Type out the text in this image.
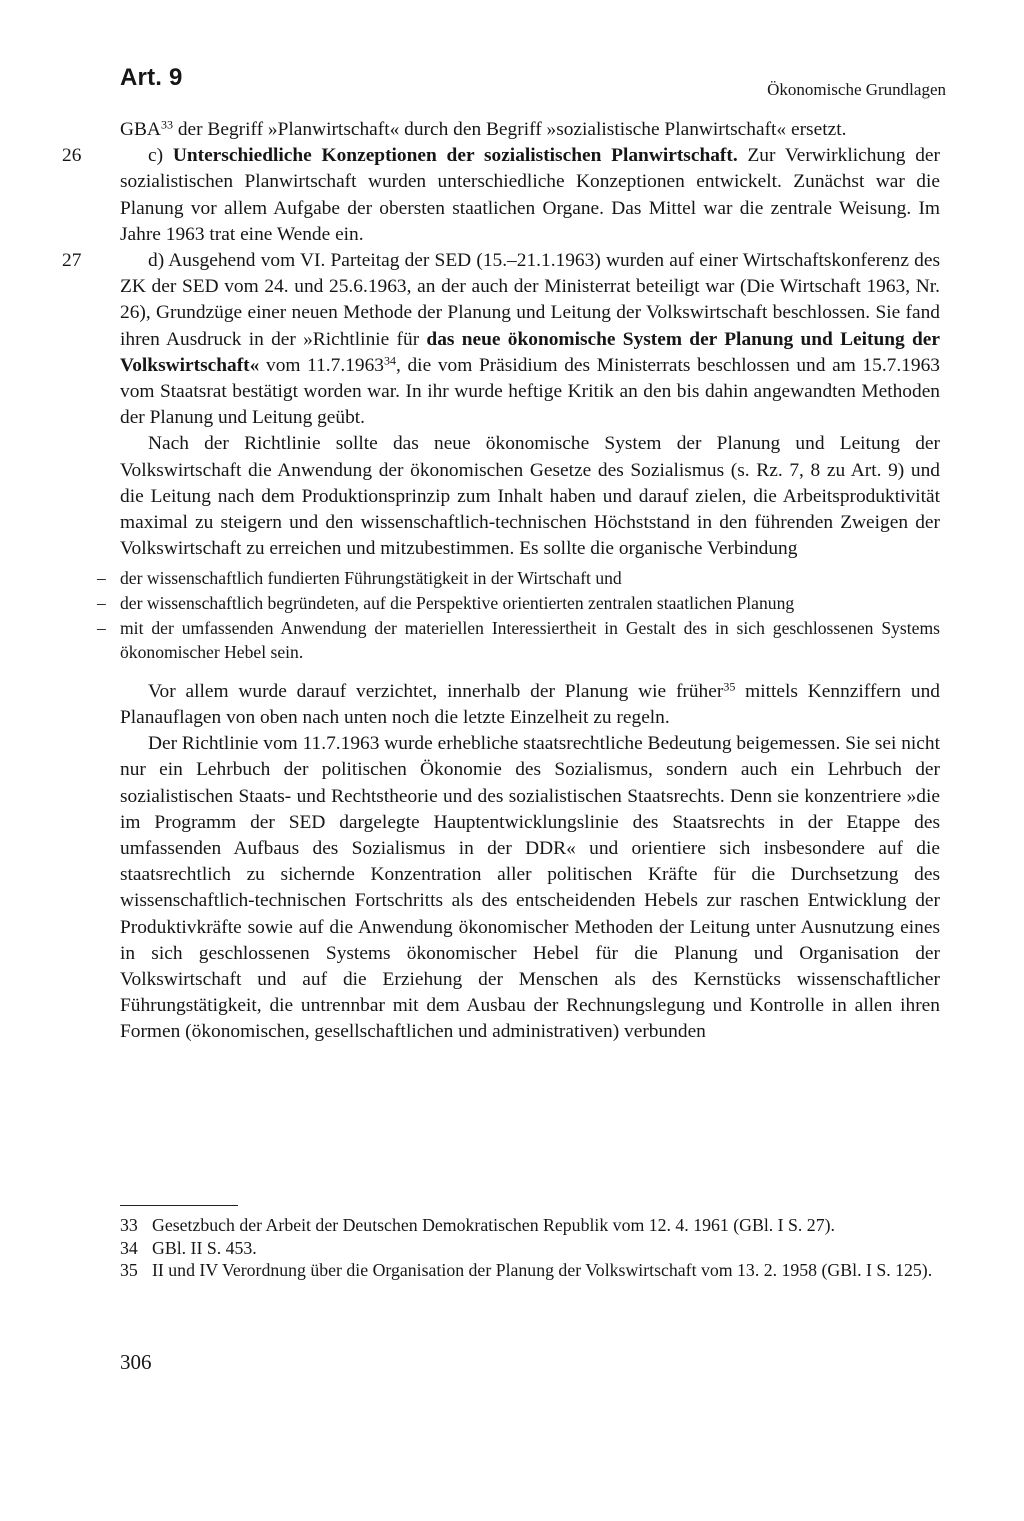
Art. 9	Ökonomische Grundlagen

GBA$^{33}$ der Begriff »Planwirtschaft« durch den Begriff »sozialistische Planwirtschaft« ersetzt.

26	c) Unterschiedliche Konzeptionen der sozialistischen Planwirtschaft. Zur Verwirklichung der sozialistischen Planwirtschaft wurden unterschiedliche Konzeptionen entwickelt. Zunächst war die Planung vor allem Aufgabe der obersten staatlichen Organe. Das Mittel war die zentrale Weisung. Im Jahre 1963 trat eine Wende ein.

27	d) Ausgehend vom VI. Parteitag der SED (15.–21.1.1963) wurden auf einer Wirtschaftskonferenz des ZK der SED vom 24. und 25.6.1963, an der auch der Ministerrat beteiligt war (Die Wirtschaft 1963, Nr. 26), Grundzüge einer neuen Methode der Planung und Leitung der Volkswirtschaft beschlossen. Sie fand ihren Ausdruck in der »Richtlinie für das neue ökonomische System der Planung und Leitung der Volkswirtschaft« vom 11.7.1963$^{34}$, die vom Präsidium des Ministerrats beschlossen und am 15.7.1963 vom Staatsrat bestätigt worden war. In ihr wurde heftige Kritik an den bis dahin angewandten Methoden der Planung und Leitung geübt.

Nach der Richtlinie sollte das neue ökonomische System der Planung und Leitung der Volkswirtschaft die Anwendung der ökonomischen Gesetze des Sozialismus (s. Rz. 7, 8 zu Art. 9) und die Leitung nach dem Produktionsprinzip zum Inhalt haben und darauf zielen, die Arbeitsproduktivität maximal zu steigern und den wissenschaftlich-technischen Höchststand in den führenden Zweigen der Volkswirtschaft zu erreichen und mitzubestimmen. Es sollte die organische Verbindung

– der wissenschaftlich fundierten Führungstätigkeit in der Wirtschaft und
– der wissenschaftlich begründeten, auf die Perspektive orientierten zentralen staatlichen Planung
– mit der umfassenden Anwendung der materiellen Interessiertheit in Gestalt des in sich geschlossenen Systems ökonomischer Hebel sein.

Vor allem wurde darauf verzichtet, innerhalb der Planung wie früher$^{35}$ mittels Kennziffern und Planauflagen von oben nach unten noch die letzte Einzelheit zu regeln.

Der Richtlinie vom 11.7.1963 wurde erhebliche staatsrechtliche Bedeutung beigemessen. Sie sei nicht nur ein Lehrbuch der politischen Ökonomie des Sozialismus, sondern auch ein Lehrbuch der sozialistischen Staats- und Rechtstheorie und des sozialistischen Staatsrechts. Denn sie konzentriere »die im Programm der SED dargelegte Hauptentwicklungslinie des Staatsrechts in der Etappe des umfassenden Aufbaus des Sozialismus in der DDR« und orientiere sich insbesondere auf die staatsrechtlich zu sichernde Konzentration aller politischen Kräfte für die Durchsetzung des wissenschaftlich-technischen Fortschritts als des entscheidenden Hebels zur raschen Entwicklung der Produktivkräfte sowie auf die Anwendung ökonomischer Methoden der Leitung unter Ausnutzung eines in sich geschlossenen Systems ökonomischer Hebel für die Planung und Organisation der Volkswirtschaft und auf die Erziehung der Menschen als des Kernstücks wissenschaftlicher Führungstätigkeit, die untrennbar mit dem Ausbau der Rechnungslegung und Kontrolle in allen ihren Formen (ökonomischen, gesellschaftlichen und administrativen) verbunden

33 Gesetzbuch der Arbeit der Deutschen Demokratischen Republik vom 12. 4. 1961 (GBl. I S. 27).
34 GBl. II S. 453.
35 II und IV Verordnung über die Organisation der Planung der Volkswirtschaft vom 13. 2. 1958 (GBl. I S. 125).
306
